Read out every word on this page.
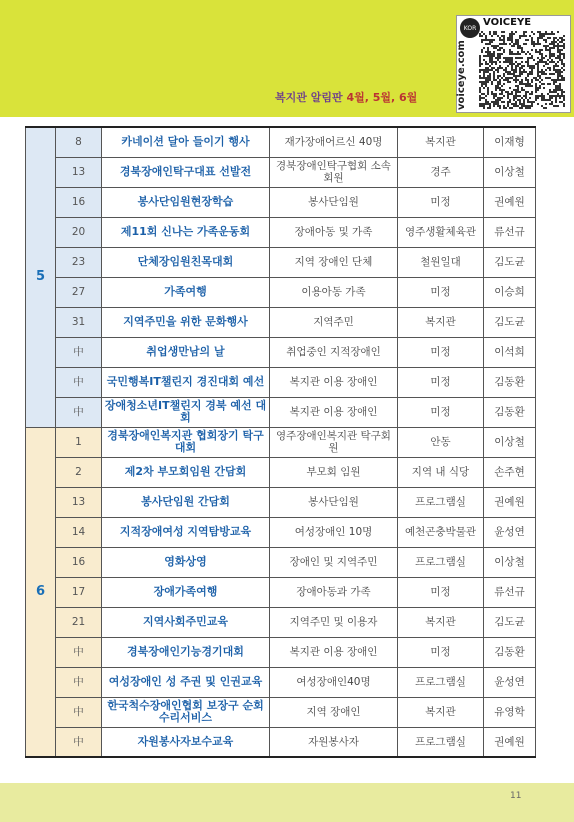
복지관 알림판 4월, 5월, 6월
KOR VOICEYE
voiceye.com
5	8	카네이션 달아 들이기 행사	재가장애어르신 40명	복지관	이재형
	13	경북장애인탁구대표 선발전	경북장애인탁구협회 소속회원	경주	이상철
	16	봉사단임원현장학습	봉사단임원	미정	권예원
	20	제11회 신나는 가족운동회	장애아동 및 가족	영주생활체육관	류선규
	23	단체장임원친목대회	지역 장애인 단체	철원일대	김도균
	27	가족여행	이용아동 가족	미정	이승희
	31	지역주민을 위한 문화행사	지역주민	복지관	김도균
	中	취업생만남의 날	취업중인 지적장애인	미정	이석희
	中	국민행복IT챌린지 경진대회 예선	복지관 이용 장애인	미정	김동환
	中	장애청소년IT챌린지 경북 예선 대회	복지관 이용 장애인	미정	김동환
6	1	경북장애인복지관 협회장기 탁구대회	영주장애인복지관 탁구회원	안동	이상철
	2	제2차 부모회임원 간담회	부모회 임원	지역 내 식당	손주현
	13	봉사단임원 간담회	봉사단임원	프로그램실	권예원
	14	지적장애여성 지역탐방교육	여성장애인 10명	예천곤충박물관	윤성연
	16	영화상영	장애인 및 지역주민	프로그램실	이상철
	17	장애가족여행	장애아동과 가족	미정	류선규
	21	지역사회주민교육	지역주민 및 이용자	복지관	김도균
	中	경북장애인기능경기대회	복지관 이용 장애인	미정	김동환
	中	여성장애인 성 주권 및 인권교육	여성장애인40명	프로그램실	윤성연
	中	한국척수장애인협회 보장구 순회수리서비스	지역 장애인	복지관	유영학
	中	자원봉사자보수교육	자원봉사자	프로그램실	권예원
11
